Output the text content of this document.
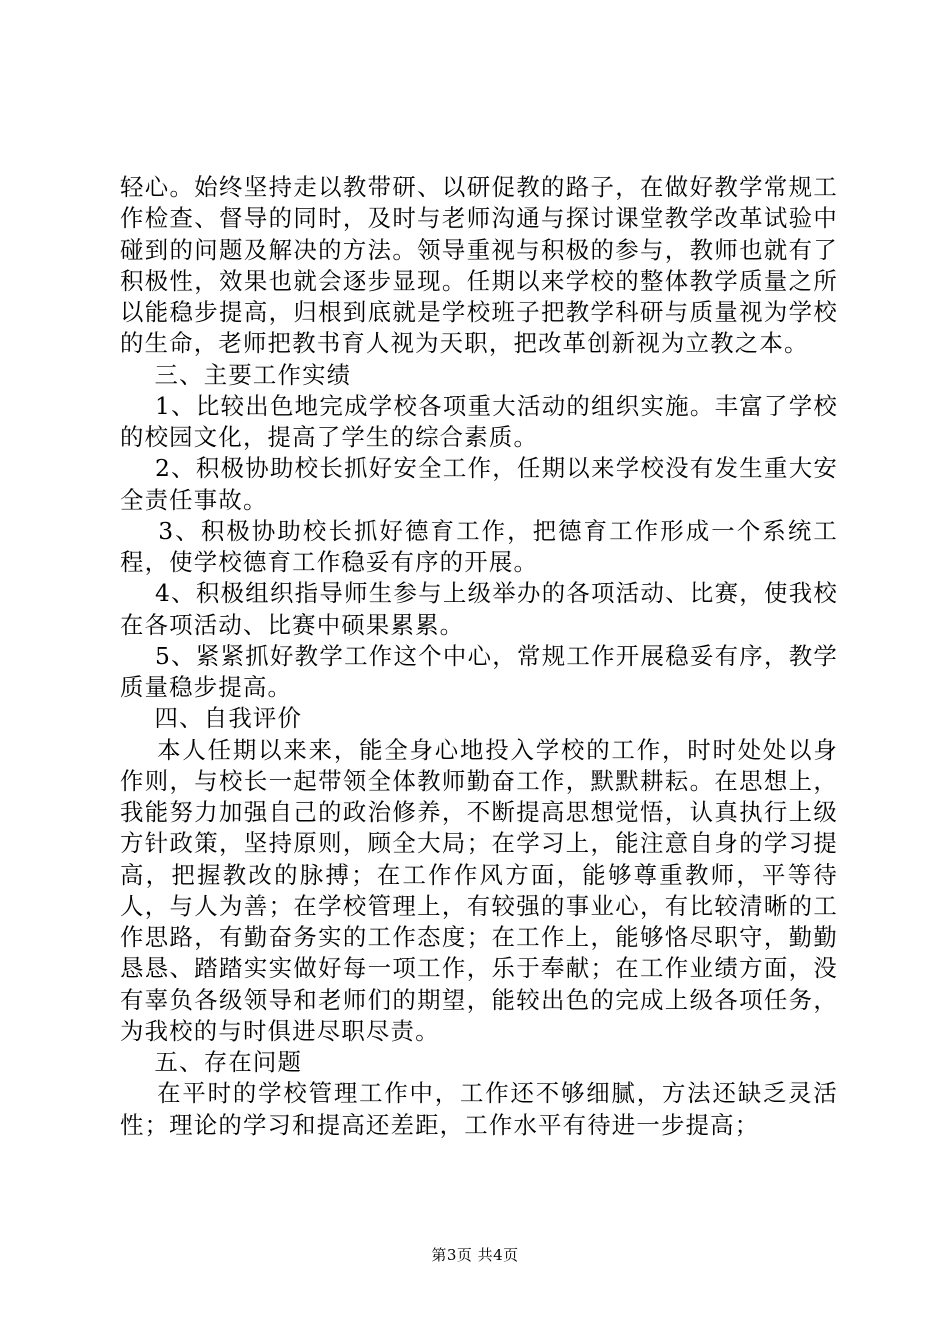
轻心。始终坚持走以教带研、以研促教的路子，在做好教学常规工作检查、督导的同时，及时与老师沟通与探讨课堂教学改革试验中碰到的问题及解决的方法。领导重视与积极的参与，教师也就有了积极性，效果也就会逐步显现。任期以来学校的整体教学质量之所以能稳步提高，归根到底就是学校班子把教学科研与质量视为学校的生命，老师把教书育人视为天职，把改革创新视为立教之本。

三、主要工作实绩

1、比较出色地完成学校各项重大活动的组织实施。丰富了学校的校园文化，提高了学生的综合素质。

2、积极协助校长抓好安全工作，任期以来学校没有发生重大安全责任事故。

3、积极协助校长抓好德育工作，把德育工作形成一个系统工程，使学校德育工作稳妥有序的开展。

4、积极组织指导师生参与上级举办的各项活动、比赛，使我校在各项活动、比赛中硕果累累。

5、紧紧抓好教学工作这个中心，常规工作开展稳妥有序，教学质量稳步提高。

四、自我评价

本人任期以来来，能全身心地投入学校的工作，时时处处以身作则，与校长一起带领全体教师勤奋工作，默默耕耘。在思想上，我能努力加强自己的政治修养，不断提高思想觉悟，认真执行上级方针政策，坚持原则，顾全大局；在学习上，能注意自身的学习提高，把握教改的脉搏；在工作作风方面，能够尊重教师，平等待人，与人为善；在学校管理上，有较强的事业心，有比较清晰的工作思路，有勤奋务实的工作态度；在工作上，能够恪尽职守，勤勤恳恳、踏踏实实做好每一项工作，乐于奉献；在工作业绩方面，没有辜负各级领导和老师们的期望，能较出色的完成上级各项任务，为我校的与时俱进尽职尽责。

五、存在问题

在平时的学校管理工作中，工作还不够细腻，方法还缺乏灵活性；理论的学习和提高还差距，工作水平有待进一步提高；

第3页 共4页
